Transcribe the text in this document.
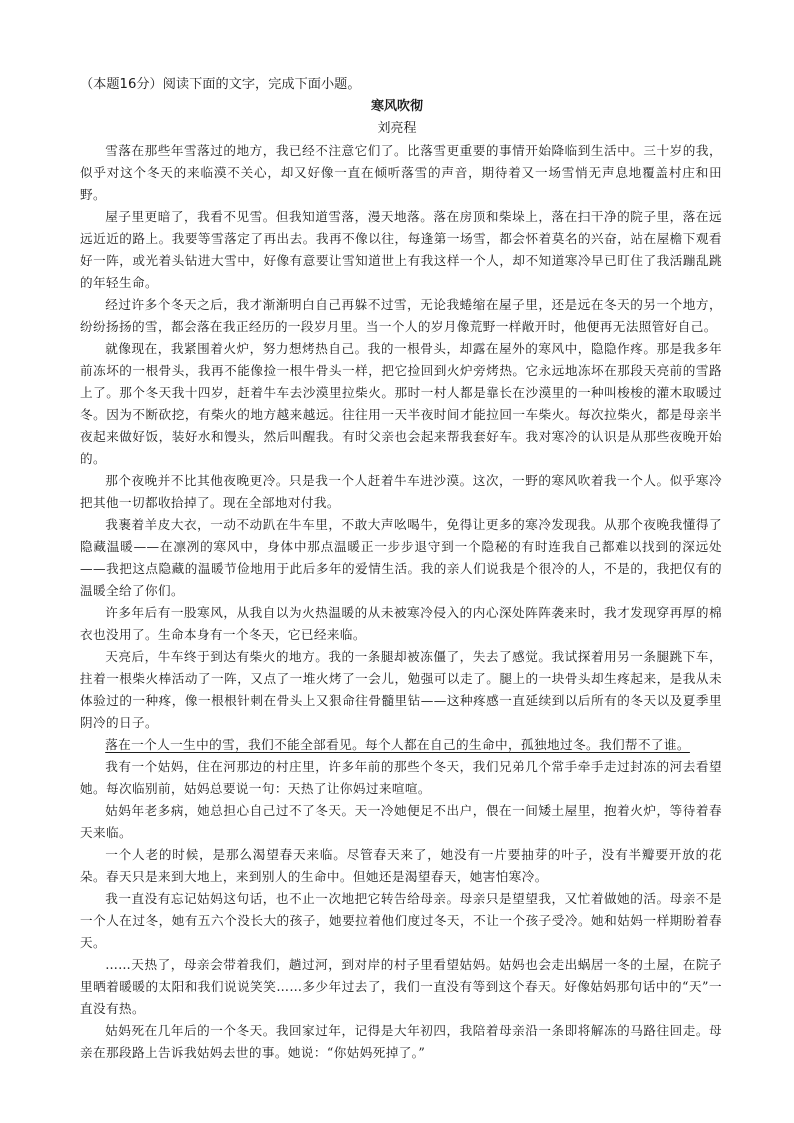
（本题16分）阅读下面的文字，完成下面小题。
寒风吹彻
刘亮程

雪落在那些年雪落过的地方，我已经不注意它们了。比落雪更重要的事情开始降临到生活中。三十岁的我，似乎对这个冬天的来临漠不关心，却又好像一直在倾听落雪的声音，期待着又一场雪悄无声息地覆盖村庄和田野。

屋子里更暗了，我看不见雪。但我知道雪落，漫天地落。落在房顶和柴垛上，落在扫干净的院子里，落在远远近近的路上。我要等雪落定了再出去。我再不像以往，每逢第一场雪，都会怀着莫名的兴奋，站在屋檐下观看好一阵，或光着头钻进大雪中，好像有意要让雪知道世上有我这样一个人，却不知道寒冷早已盯住了我活蹦乱跳的年轻生命。

经过许多个冬天之后，我才渐渐明白自己再躲不过雪，无论我蜷缩在屋子里，还是远在冬天的另一个地方，纷纷扬扬的雪，都会落在我正经历的一段岁月里。当一个人的岁月像荒野一样敞开时，他便再无法照管好自己。

就像现在，我紧围着火炉，努力想烤热自己。我的一根骨头，却露在屋外的寒风中，隐隐作疼。那是我多年前冻坏的一根骨头，我再不能像捡一根牛骨头一样，把它捡回到火炉旁烤热。它永远地冻坏在那段天亮前的雪路上了。那个冬天我十四岁，赶着牛车去沙漠里拉柴火。那时一村人都是靠长在沙漠里的一种叫梭梭的灌木取暖过冬。因为不断砍挖，有柴火的地方越来越远。往往用一天半夜时间才能拉回一车柴火。每次拉柴火，都是母亲半夜起来做好饭，装好水和馒头，然后叫醒我。有时父亲也会起来帮我套好车。我对寒冷的认识是从那些夜晚开始的。

那个夜晚并不比其他夜晚更冷。只是我一个人赶着牛车进沙漠。这次，一野的寒风吹着我一个人。似乎寒冷把其他一切都收拾掉了。现在全部地对付我。

我裹着羊皮大衣，一动不动趴在牛车里，不敢大声吆喝牛，免得让更多的寒冷发现我。从那个夜晚我懂得了隐藏温暖——在凛冽的寒风中，身体中那点温暖正一步步退守到一个隐秘的有时连我自己都难以找到的深远处——我把这点隐藏的温暖节俭地用于此后多年的爱情生活。我的亲人们说我是个很冷的人，不是的，我把仅有的温暖全给了你们。

许多年后有一股寒风，从我自以为火热温暖的从未被寒冷侵入的内心深处阵阵袭来时，我才发现穿再厚的棉衣也没用了。生命本身有一个冬天，它已经来临。

天亮后，牛车终于到达有柴火的地方。我的一条腿却被冻僵了，失去了感觉。我试探着用另一条腿跳下车，拄着一根柴火棒活动了一阵，又点了一堆火烤了一会儿，勉强可以走了。腿上的一块骨头却生疼起来，是我从未体验过的一种疼，像一根根针刺在骨头上又狠命往骨髓里钻——这种疼感一直延续到以后所有的冬天以及夏季里阴冷的日子。

落在一个人一生中的雪，我们不能全部看见。每个人都在自己的生命中，孤独地过冬。我们帮不了谁。

我有一个姑妈，住在河那边的村庄里，许多年前的那些个冬天，我们兄弟几个常手牵手走过封冻的河去看望她。每次临别前，姑妈总要说一句：天热了让你妈过来喧喧。

姑妈年老多病，她总担心自己过不了冬天。天一冷她便足不出户，偎在一间矮土屋里，抱着火炉，等待着春天来临。

一个人老的时候，是那么渴望春天来临。尽管春天来了，她没有一片要抽芽的叶子，没有半瓣要开放的花朵。春天只是来到大地上，来到别人的生命中。但她还是渴望春天，她害怕寒冷。

我一直没有忘记姑妈这句话，也不止一次地把它转告给母亲。母亲只是望望我，又忙着做她的活。母亲不是一个人在过冬，她有五六个没长大的孩子，她要拉着他们度过冬天，不让一个孩子受冷。她和姑妈一样期盼着春天。

……天热了，母亲会带着我们，趟过河，到对岸的村子里看望姑妈。姑妈也会走出蜗居一冬的土屋，在院子里晒着暖暖的太阳和我们说说笑笑……多少年过去了，我们一直没有等到这个春天。好像姑妈那句话中的“天”一直没有热。

姑妈死在几年后的一个冬天。我回家过年，记得是大年初四，我陪着母亲沿一条即将解冻的马路往回走。母亲在那段路上告诉我姑妈去世的事。她说：“你姑妈死掉了。”
